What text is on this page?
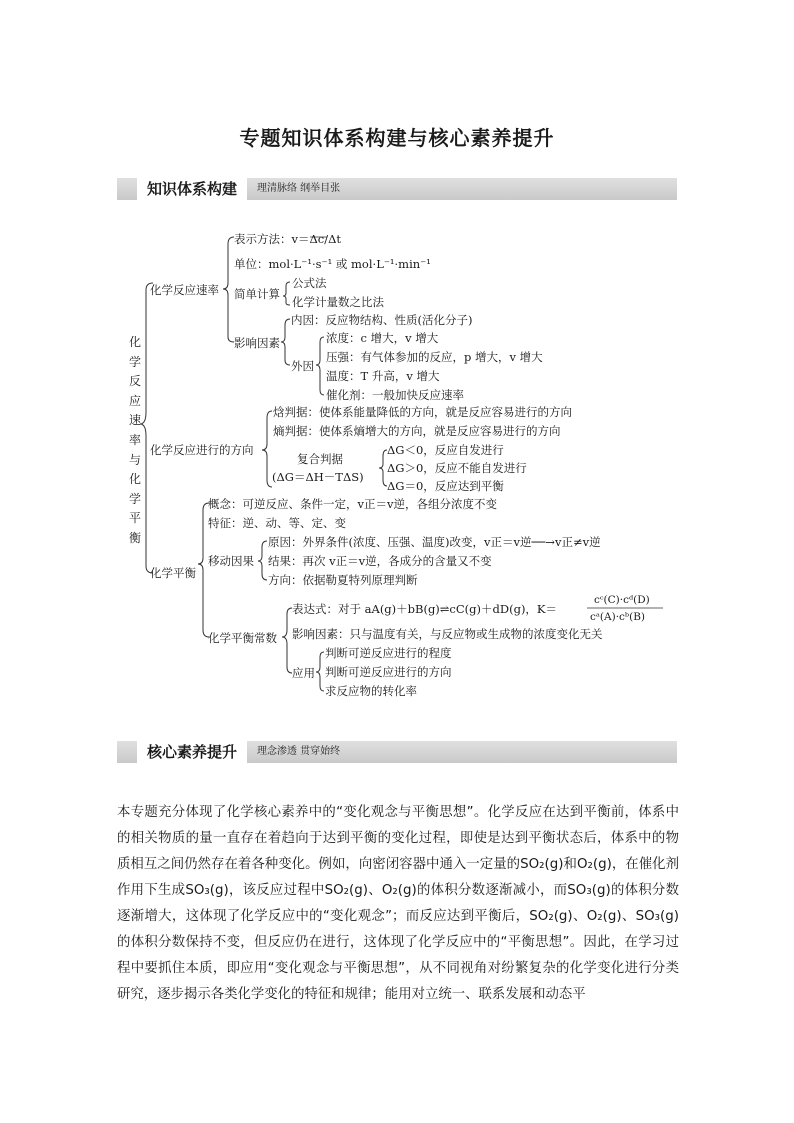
专题知识体系构建与核心素养提升
知识体系构建	理清脉络 纲举目张
化学反应速率与化学平衡
化学反应速率
表示方法：v＝Δc/Δt
单位：mol·L⁻¹·s⁻¹ 或 mol·L⁻¹·min⁻¹
简单计算
公式法
化学计量数之比法
影响因素
内因：反应物结构、性质(活化分子)
外因
浓度：c 增大，v 增大
压强：有气体参加的反应，p 增大，v 增大
温度：T 升高，v 增大
催化剂：一般加快反应速率
化学反应进行的方向
焓判据：使体系能量降低的方向，就是反应容易进行的方向
熵判据：使体系熵增大的方向，就是反应容易进行的方向
复合判据
(ΔG＝ΔH－TΔS)
ΔG＜0，反应自发进行
ΔG＞0，反应不能自发进行
ΔG＝0，反应达到平衡
化学平衡
概念：可逆反应、条件一定，v正＝v逆，各组分浓度不变
特征：逆、动、等、定、变
移动因果
原因：外界条件(浓度、压强、温度)改变，v正＝v逆──→v正≠v逆
结果：再次 v正＝v逆，各成分的含量又不变
方向：依据勒夏特列原理判断
化学平衡常数
表达式：对于 aA(g)＋bB(g)⇌cC(g)＋dD(g)，K＝
cᶜ(C)·cᵈ(D)
cᵃ(A)·cᵇ(B)
影响因素：只与温度有关，与反应物或生成物的浓度变化无关
应用
判断可逆反应进行的程度
判断可逆反应进行的方向
求反应物的转化率
核心素养提升	理念渗透 贯穿始终

本专题充分体现了化学核心素养中的“变化观念与平衡思想”。化学反应在达到平衡前，体系中的相关物质的量一直存在着趋向于达到平衡的变化过程，即使是达到平衡状态后，体系中的物质相互之间仍然存在着各种变化。例如，向密闭容器中通入一定量的SO₂(g)和O₂(g)，在催化剂作用下生成SO₃(g)，该反应过程中SO₂(g)、O₂(g)的体积分数逐渐减小，而SO₃(g)的体积分数逐渐增大，这体现了化学反应中的“变化观念”；而反应达到平衡后，SO₂(g)、O₂(g)、SO₃(g)的体积分数保持不变，但反应仍在进行，这体现了化学反应中的“平衡思想”。因此，在学习过程中要抓住本质，即应用“变化观念与平衡思想”，从不同视角对纷繁复杂的化学变化进行分类研究，逐步揭示各类化学变化的特征和规律；能用对立统一、联系发展和动态平
